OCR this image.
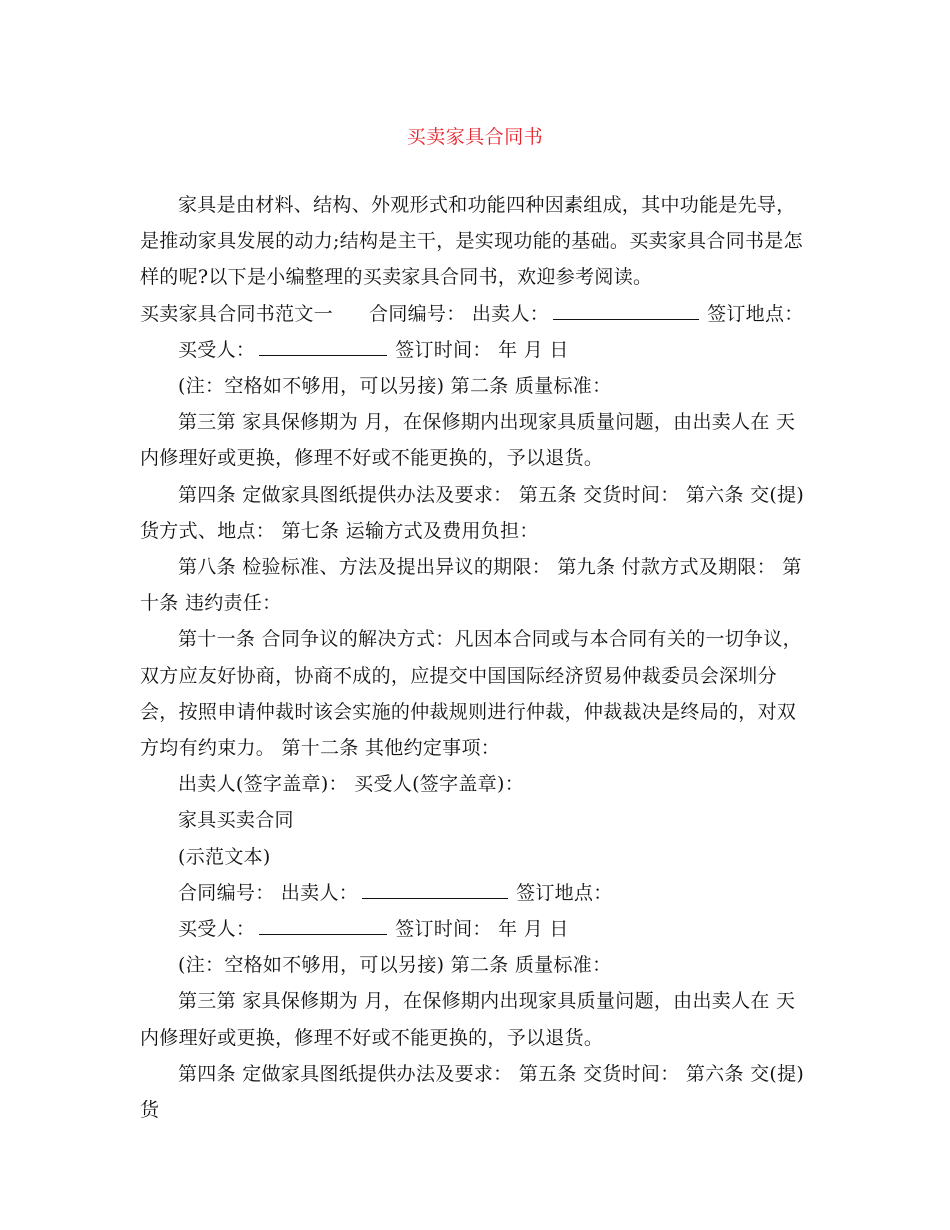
买卖家具合同书

家具是由材料、结构、外观形式和功能四种因素组成，其中功能是先导，是推动家具发展的动力;结构是主干，是实现功能的基础。买卖家具合同书是怎样的呢?以下是小编整理的买卖家具合同书，欢迎参考阅读。

买卖家具合同书范文一 合同编号： 出卖人：	签订地点：

买受人：	签订时间： 年 月 日

(注：空格如不够用，可以另接) 第二条 质量标准：

第三第 家具保修期为 月，在保修期内出现家具质量问题，由出卖人在 天内修理好或更换，修理不好或不能更换的，予以退货。

第四条 定做家具图纸提供办法及要求： 第五条 交货时间： 第六条 交(提)货方式、地点： 第七条 运输方式及费用负担：

第八条 检验标准、方法及提出异议的期限： 第九条 付款方式及期限： 第十条 违约责任：

第十一条 合同争议的解决方式：凡因本合同或与本合同有关的一切争议，双方应友好协商，协商不成的，应提交中国国际经济贸易仲裁委员会深圳分会，按照申请仲裁时该会实施的仲裁规则进行仲裁，仲裁裁决是终局的，对双方均有约束力。 第十二条 其他约定事项：

出卖人(签字盖章)： 买受人(签字盖章)：

家具买卖合同

(示范文本)

合同编号： 出卖人：	签订地点：

买受人：	签订时间： 年 月 日

(注：空格如不够用，可以另接) 第二条 质量标准：

第三第 家具保修期为 月，在保修期内出现家具质量问题，由出卖人在 天内修理好或更换，修理不好或不能更换的，予以退货。

第四条 定做家具图纸提供办法及要求： 第五条 交货时间： 第六条 交(提)货
